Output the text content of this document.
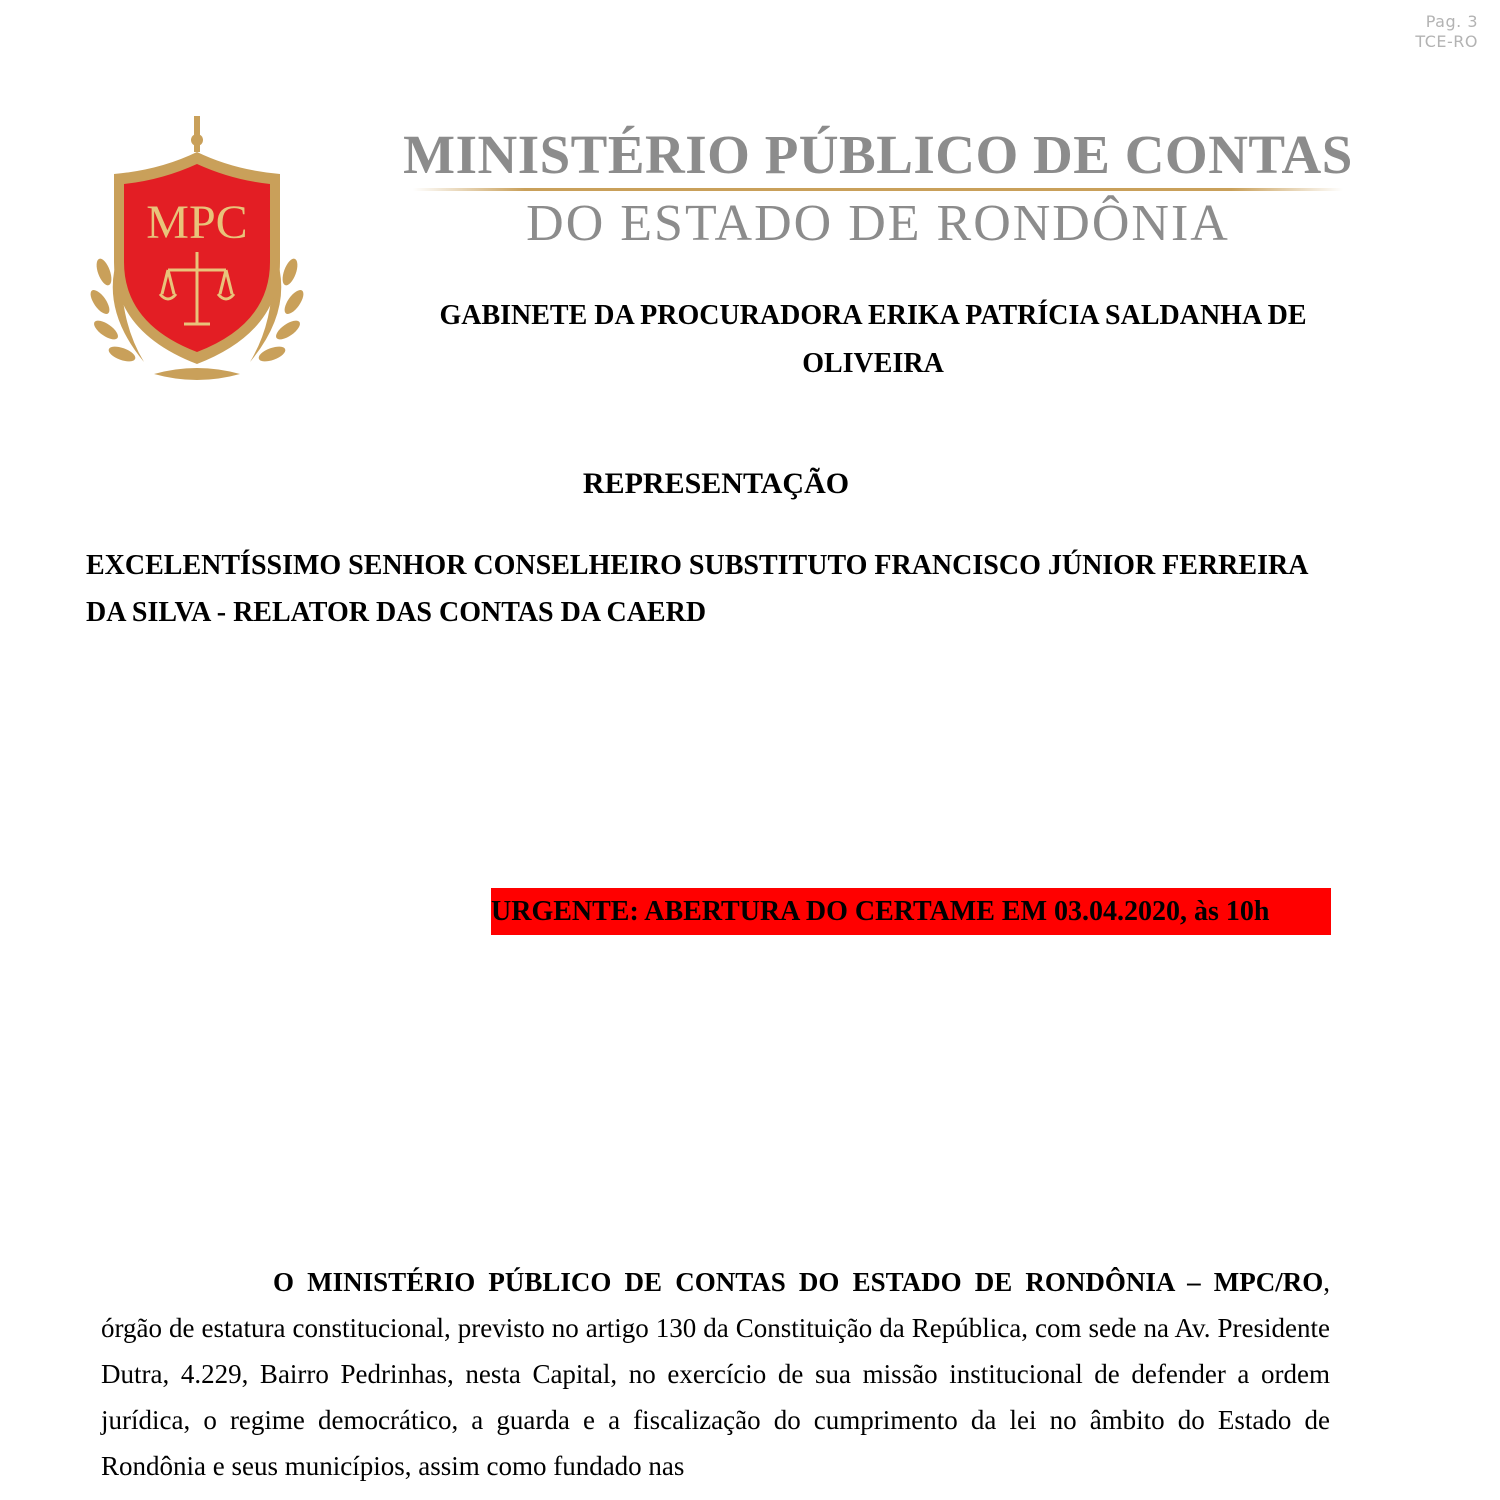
Pag. 3
TCE-RO
MPC
MINISTÉRIO PÚBLICO DE CONTAS
DO ESTADO DE RONDÔNIA
GABINETE DA PROCURADORA ERIKA PATRÍCIA SALDANHA DE OLIVEIRA
REPRESENTAÇÃO
EXCELENTÍSSIMO SENHOR CONSELHEIRO SUBSTITUTO FRANCISCO JÚNIOR FERREIRA DA SILVA - RELATOR DAS CONTAS DA CAERD
URGENTE: ABERTURA DO CERTAME EM 03.04.2020, às 10h
O MINISTÉRIO PÚBLICO DE CONTAS DO ESTADO DE RONDÔNIA – MPC/RO, órgão de estatura constitucional, previsto no artigo 130 da Constituição da República, com sede na Av. Presidente Dutra, 4.229, Bairro Pedrinhas, nesta Capital, no exercício de sua missão institucional de defender a ordem jurídica, o regime democrático, a guarda e a fiscalização do cumprimento da lei no âmbito do Estado de Rondônia e seus municípios, assim como fundado nas
